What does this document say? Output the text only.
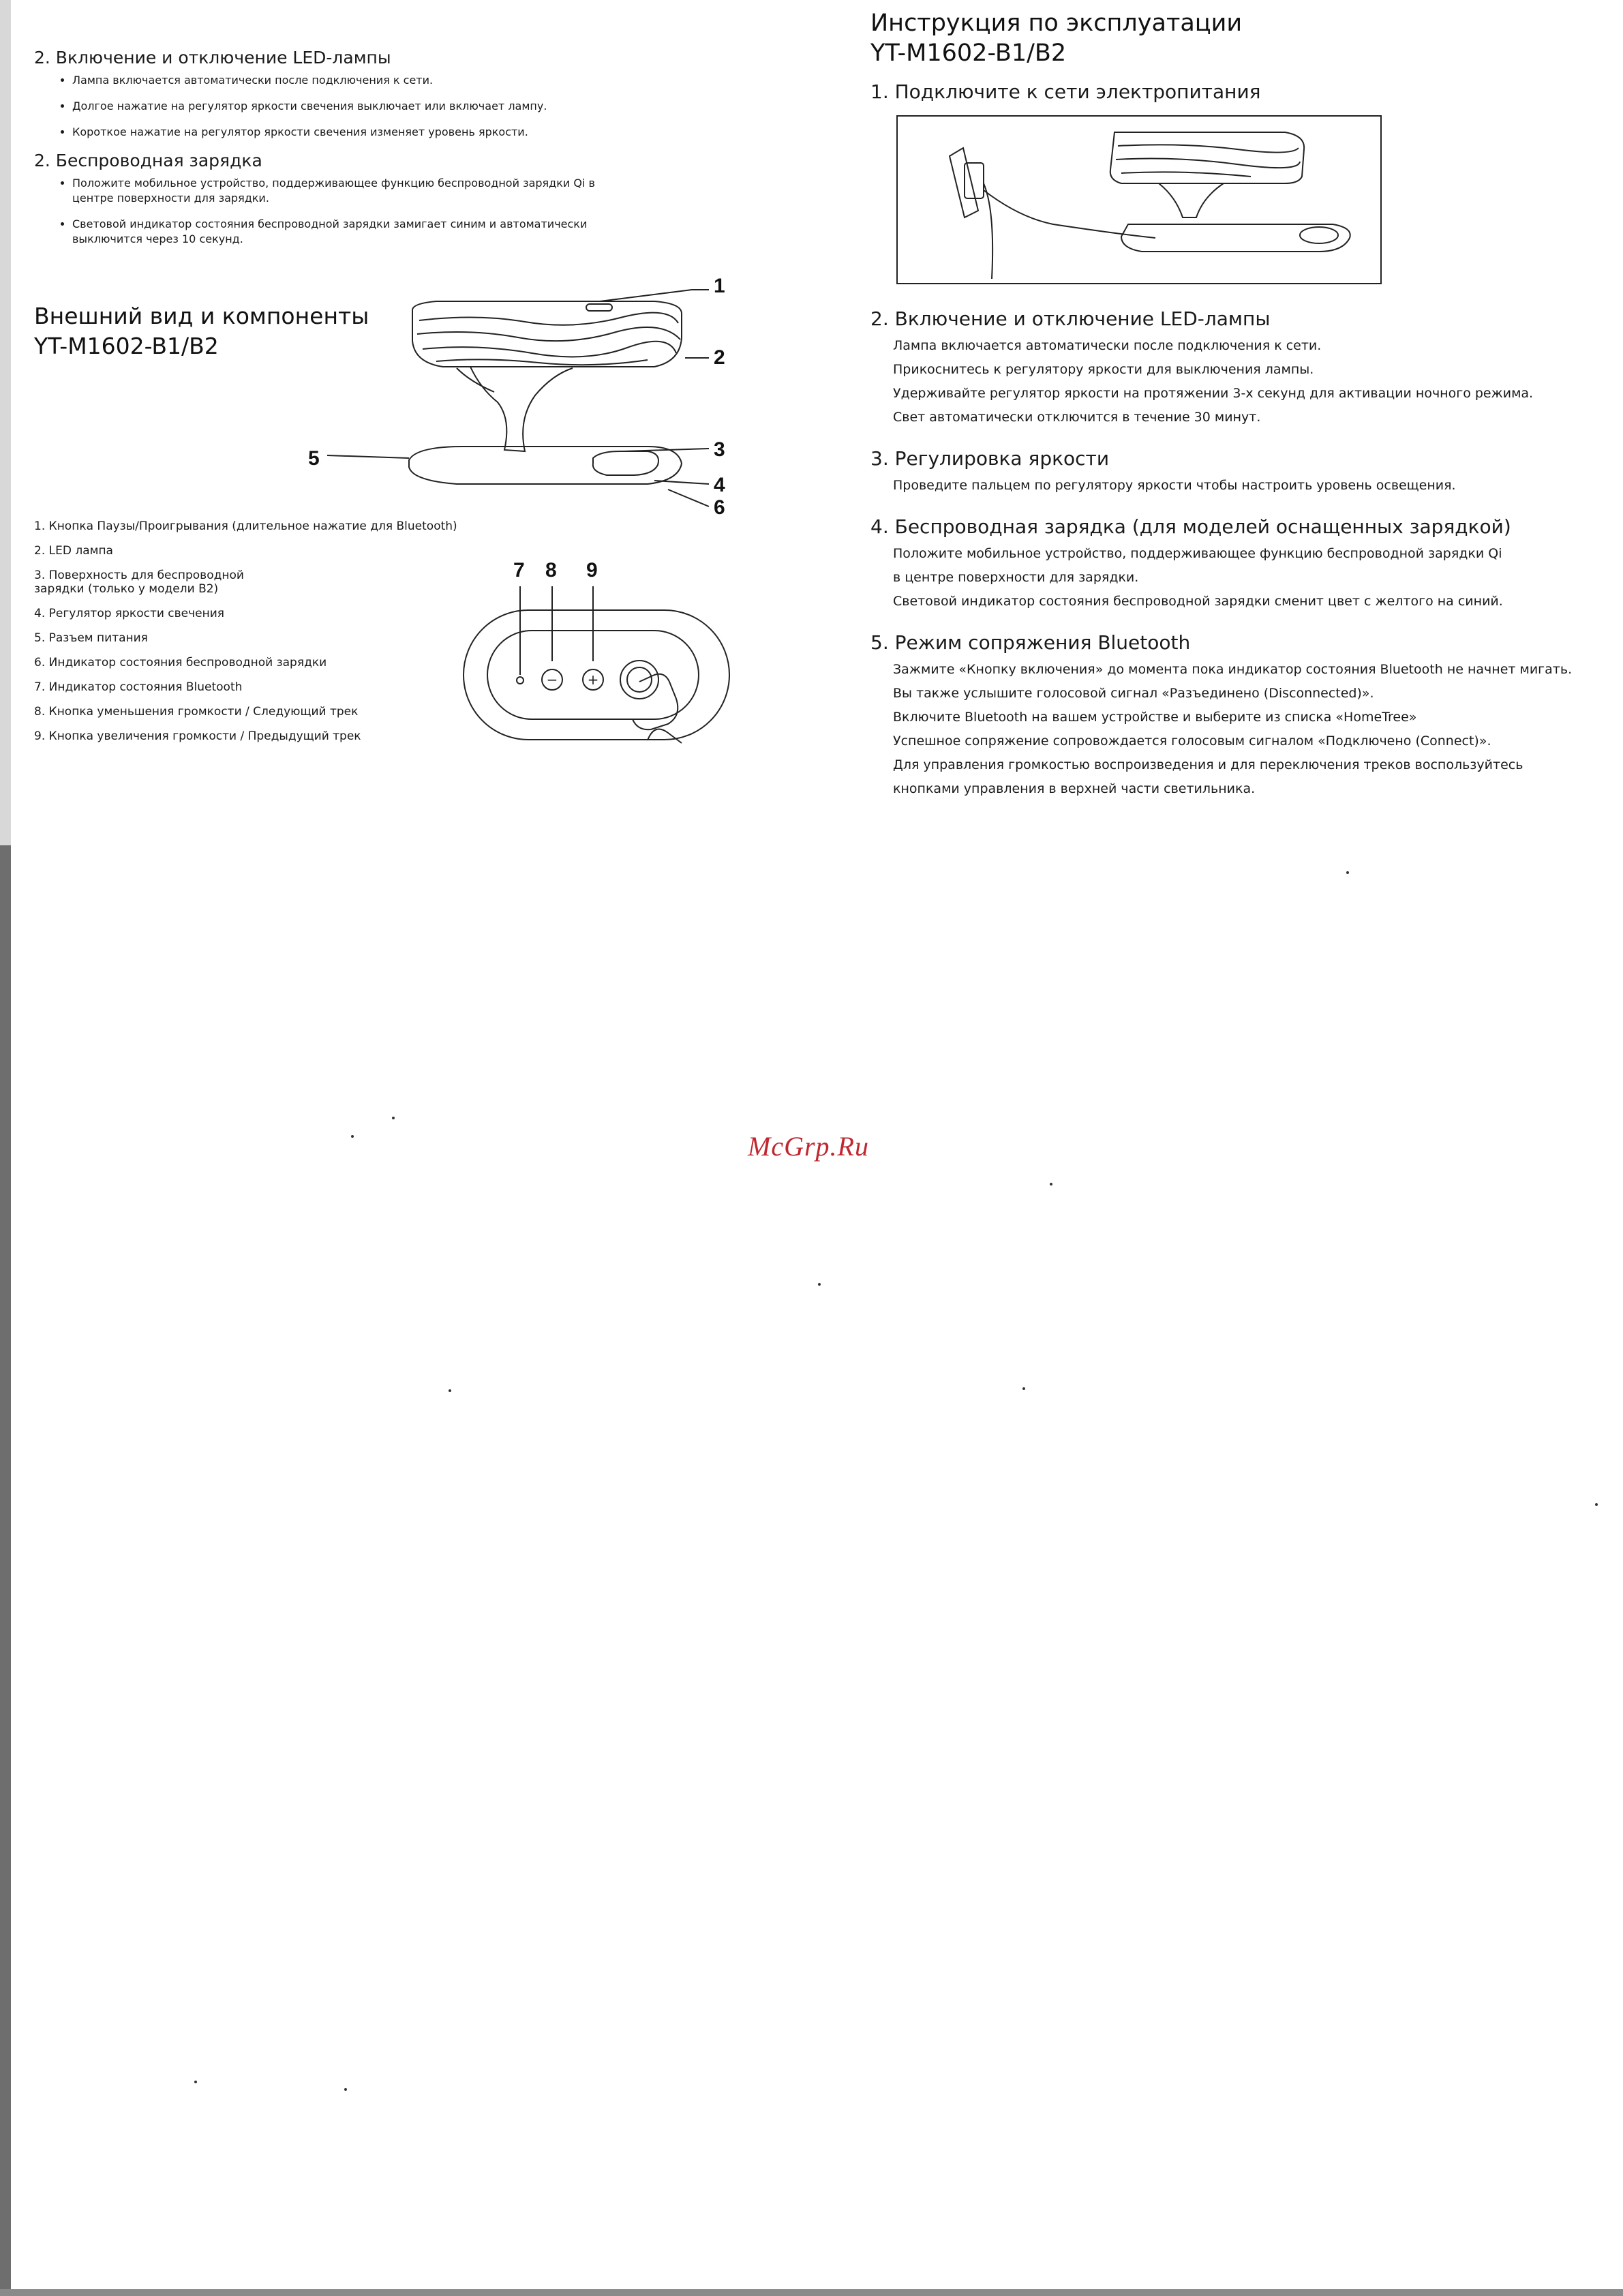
2. Включение и отключение LED-лампы
• Лампа включается автоматически после подключения к сети.
• Долгое нажатие на регулятор яркости свечения выключает или включает лампу.
• Короткое нажатие на регулятор яркости свечения изменяет уровень яркости.
2. Беспроводная зарядка
• Положите мобильное устройство, поддерживающее функцию беспроводной зарядки Qi в центре поверхности для зарядки.
• Световой индикатор состояния беспроводной зарядки замигает синим и автоматически выключится через 10 секунд.
Внешний вид и компоненты
YT-M1602-B1/B2
1
2
3
4
5
6
1. Кнопка Паузы/Проигрывания (длительное нажатие для Bluetooth)
2. LED лампа
3. Поверхность для беспроводной
зарядки (только у модели B2)
4. Регулятор яркости свечения
5. Разъем питания
6. Индикатор состояния беспроводной зарядки
7. Индикатор состояния Bluetooth
8. Кнопка уменьшения громкости / Следующий трек
9. Кнопка увеличения громкости / Предыдущий трек
− +
7 8 9
Инструкция по эксплуатации
YT-M1602-B1/B2
1. Подключите к сети электропитания
2. Включение и отключение LED-лампы
Лампа включается автоматически после подключения к сети.
Прикоснитесь к регулятору яркости для выключения лампы.
Удерживайте регулятор яркости на протяжении 3-х секунд для активации ночного режима.
Свет автоматически отключится в течение 30 минут.
3. Регулировка яркости
Проведите пальцем по регулятору яркости чтобы настроить уровень освещения.
4. Беспроводная зарядка (для моделей оснащенных зарядкой)
Положите мобильное устройство, поддерживающее функцию беспроводной зарядки Qi
в центре поверхности для зарядки.
Световой индикатор состояния беспроводной зарядки сменит цвет с желтого на синий.
5. Режим сопряжения Bluetooth
Зажмите «Кнопку включения» до момента пока индикатор состояния Bluetooth не начнет мигать.
Вы также услышите голосовой сигнал «Разъединено (Disconnected)».
Включите Bluetooth на вашем устройстве и выберите из списка «HomeTree»
Успешное сопряжение сопровождается голосовым сигналом «Подключено (Connect)».
Для управления громкостью воспроизведения и для переключения треков воспользуйтесь
кнопками управления в верхней части светильника.
McGrp.Ru
